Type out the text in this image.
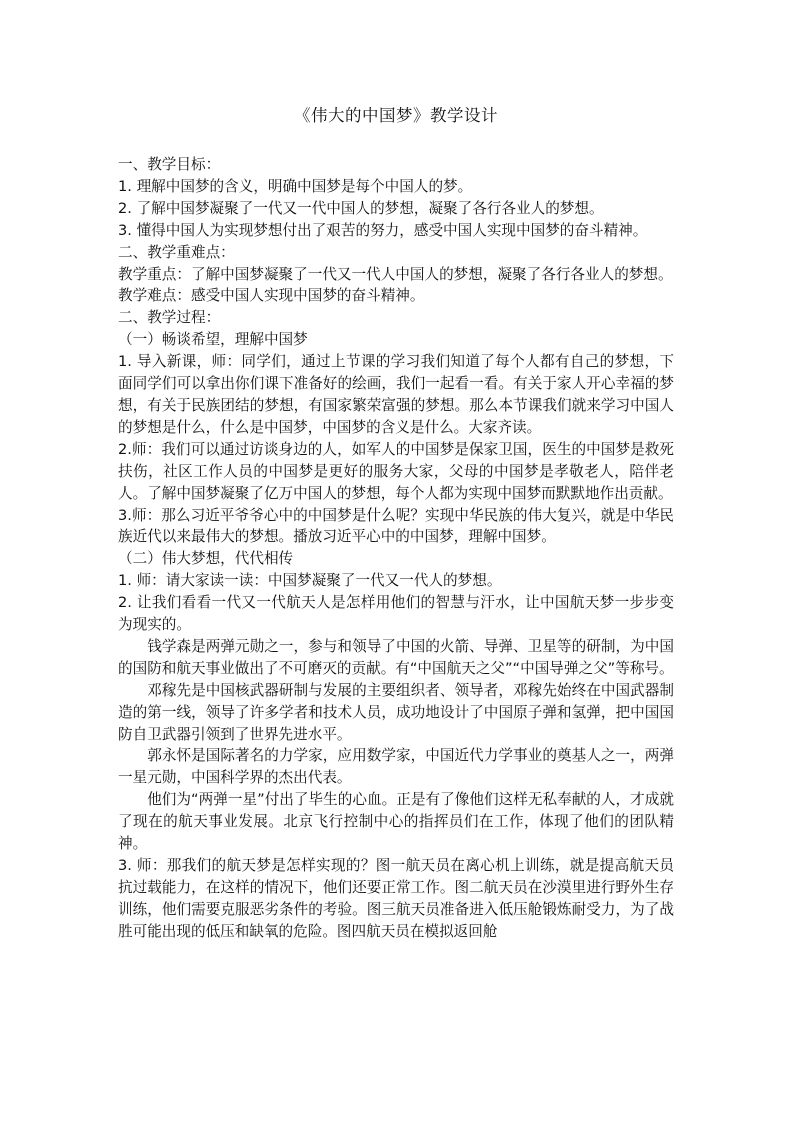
《伟大的中国梦》教学设计

一、教学目标：

1. 理解中国梦的含义，明确中国梦是每个中国人的梦。

2. 了解中国梦凝聚了一代又一代中国人的梦想，凝聚了各行各业人的梦想。

3. 懂得中国人为实现梦想付出了艰苦的努力，感受中国人实现中国梦的奋斗精神。

二、教学重难点：

教学重点：了解中国梦凝聚了一代又一代人中国人的梦想，凝聚了各行各业人的梦想。

教学难点：感受中国人实现中国梦的奋斗精神。

二、教学过程：

（一）畅谈希望，理解中国梦

1. 导入新课，师：同学们，通过上节课的学习我们知道了每个人都有自己的梦想，下面同学们可以拿出你们课下准备好的绘画，我们一起看一看。有关于家人开心幸福的梦想，有关于民族团结的梦想，有国家繁荣富强的梦想。那么本节课我们就来学习中国人的梦想是什么，什么是中国梦，中国梦的含义是什么。大家齐读。

2.师：我们可以通过访谈身边的人，如军人的中国梦是保家卫国，医生的中国梦是救死扶伤，社区工作人员的中国梦是更好的服务大家，父母的中国梦是孝敬老人，陪伴老人。了解中国梦凝聚了亿万中国人的梦想，每个人都为实现中国梦而默默地作出贡献。

3.师：那么习近平爷爷心中的中国梦是什么呢？实现中华民族的伟大复兴，就是中华民族近代以来最伟大的梦想。播放习近平心中的中国梦，理解中国梦。

（二）伟大梦想，代代相传

1. 师：请大家读一读：中国梦凝聚了一代又一代人的梦想。

2. 让我们看看一代又一代航天人是怎样用他们的智慧与汗水，让中国航天梦一步步变为现实的。

钱学森是两弹元勋之一，参与和领导了中国的火箭、导弹、卫星等的研制，为中国的国防和航天事业做出了不可磨灭的贡献。有“中国航天之父”“中国导弹之父”等称号。

邓稼先是中国核武器研制与发展的主要组织者、领导者，邓稼先始终在中国武器制造的第一线，领导了许多学者和技术人员，成功地设计了中国原子弹和氢弹，把中国国防自卫武器引领到了世界先进水平。

郭永怀是国际著名的力学家，应用数学家，中国近代力学事业的奠基人之一，两弹一星元勋，中国科学界的杰出代表。

他们为“两弹一星”付出了毕生的心血。正是有了像他们这样无私奉献的人，才成就了现在的航天事业发展。北京飞行控制中心的指挥员们在工作，体现了他们的团队精神。

3. 师：那我们的航天梦是怎样实现的？图一航天员在离心机上训练，就是提高航天员抗过载能力，在这样的情况下，他们还要正常工作。图二航天员在沙漠里进行野外生存训练，他们需要克服恶劣条件的考验。图三航天员准备进入低压舱锻炼耐受力，为了战胜可能出现的低压和缺氧的危险。图四航天员在模拟返回舱
